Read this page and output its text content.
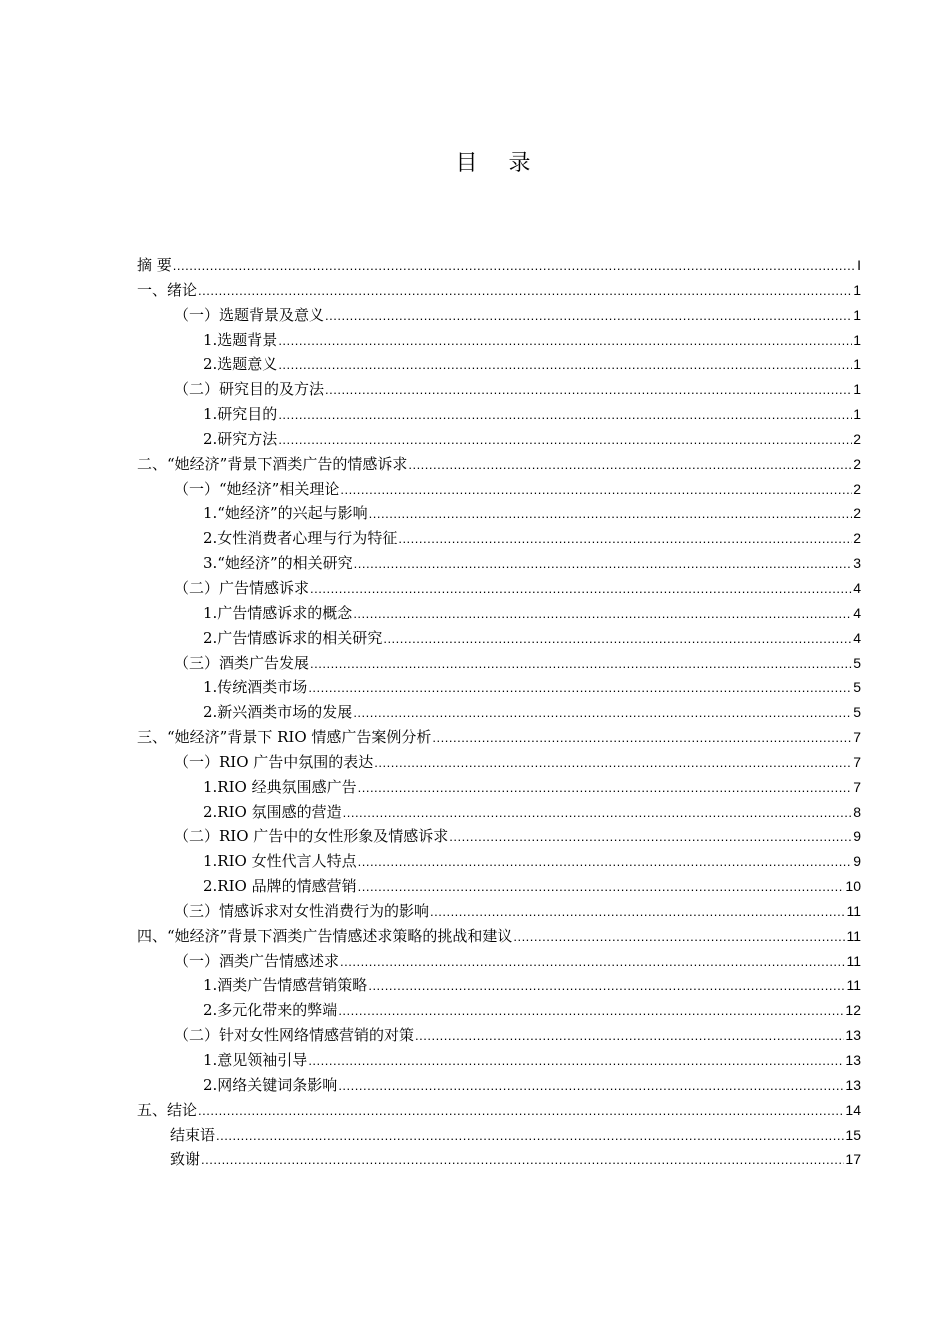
目 录
摘 要 .....	I
一、绪论 .....	1
（一）选题背景及意义 .....	1
1.选题背景 .....	1
2.选题意义 .....	1
（二）研究目的及方法 .....	1
1.研究目的 .....	1
2.研究方法 .....	2
二、“她经济”背景下酒类广告的情感诉求 .....	2
（一）“她经济”相关理论 .....	2
1.“她经济”的兴起与影响 .....	2
2.女性消费者心理与行为特征 .....	2
3.“她经济”的相关研究 .....	3
（二）广告情感诉求 .....	4
1.广告情感诉求的概念 .....	4
2.广告情感诉求的相关研究 .....	4
（三）酒类广告发展 .....	5
1.传统酒类市场 .....	5
2.新兴酒类市场的发展 .....	5
三、“她经济”背景下 RIO 情感广告案例分析 .....	7
（一）RIO 广告中氛围的表达 .....	7
1.RIO 经典氛围感广告 .....	7
2.RIO 氛围感的营造 .....	8
（二）RIO 广告中的女性形象及情感诉求 .....	9
1.RIO 女性代言人特点 .....	9
2.RIO 品牌的情感营销 .....	10
（三）情感诉求对女性消费行为的影响 .....	11
四、“她经济”背景下酒类广告情感述求策略的挑战和建议 .....	11
（一）酒类广告情感述求 .....	11
1.酒类广告情感营销策略 .....	11
2.多元化带来的弊端 .....	12
（二）针对女性网络情感营销的对策 .....	13
1.意见领袖引导 .....	13
2.网络关键词条影响 .....	13
五、结论 .....	14
结束语 .....	15
致谢 .....	17
